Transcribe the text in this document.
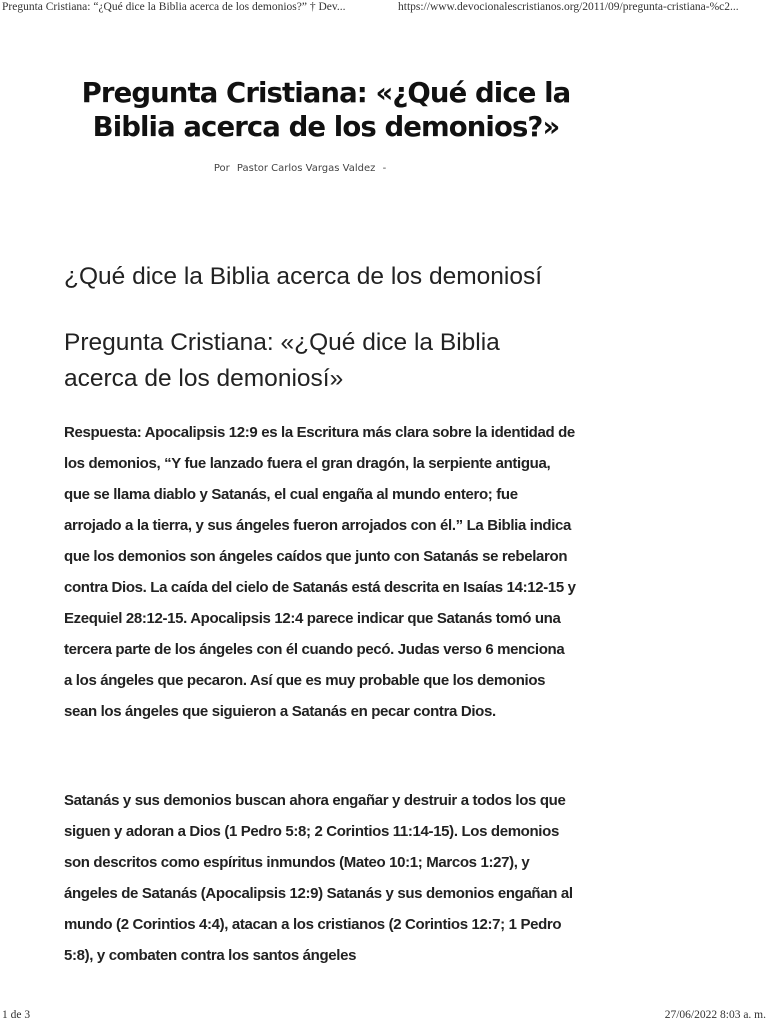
Pregunta Cristiana: “¿Qué dice la Biblia acerca de los demonios?” † Dev...	https://www.devocionalescristianos.org/2011/09/pregunta-cristiana-%c2...
Pregunta Cristiana: «¿Qué dice la Biblia acerca de los demonios?»
Por Pastor Carlos Vargas Valdez -
¿Qué dice la Biblia acerca de los demoniosí
Pregunta Cristiana: «¿Qué dice la Biblia acerca de los demoniosí»

Respuesta: Apocalipsis 12:9 es la Escritura más clara sobre la identidad de los demonios, “Y fue lanzado fuera el gran dragón, la serpiente antigua, que se llama diablo y Satanás, el cual engaña al mundo entero; fue arrojado a la tierra, y sus ángeles fueron arrojados con él.” La Biblia indica que los demonios son ángeles caídos que junto con Satanás se rebelaron contra Dios. La caída del cielo de Satanás está descrita en Isaías 14:12-15 y Ezequiel 28:12-15. Apocalipsis 12:4 parece indicar que Satanás tomó una tercera parte de los ángeles con él cuando pecó. Judas verso 6 menciona a los ángeles que pecaron. Así que es muy probable que los demonios sean los ángeles que siguieron a Satanás en pecar contra Dios.

Satanás y sus demonios buscan ahora engañar y destruir a todos los que siguen y adoran a Dios (1 Pedro 5:8; 2 Corintios 11:14-15). Los demonios son descritos como espíritus inmundos (Mateo 10:1; Marcos 1:27), y ángeles de Satanás (Apocalipsis 12:9) Satanás y sus demonios engañan al mundo (2 Corintios 4:4), atacan a los cristianos (2 Corintios 12:7; 1 Pedro 5:8), y combaten contra los santos ángeles

1 de 3	27/06/2022 8:03 a. m.
